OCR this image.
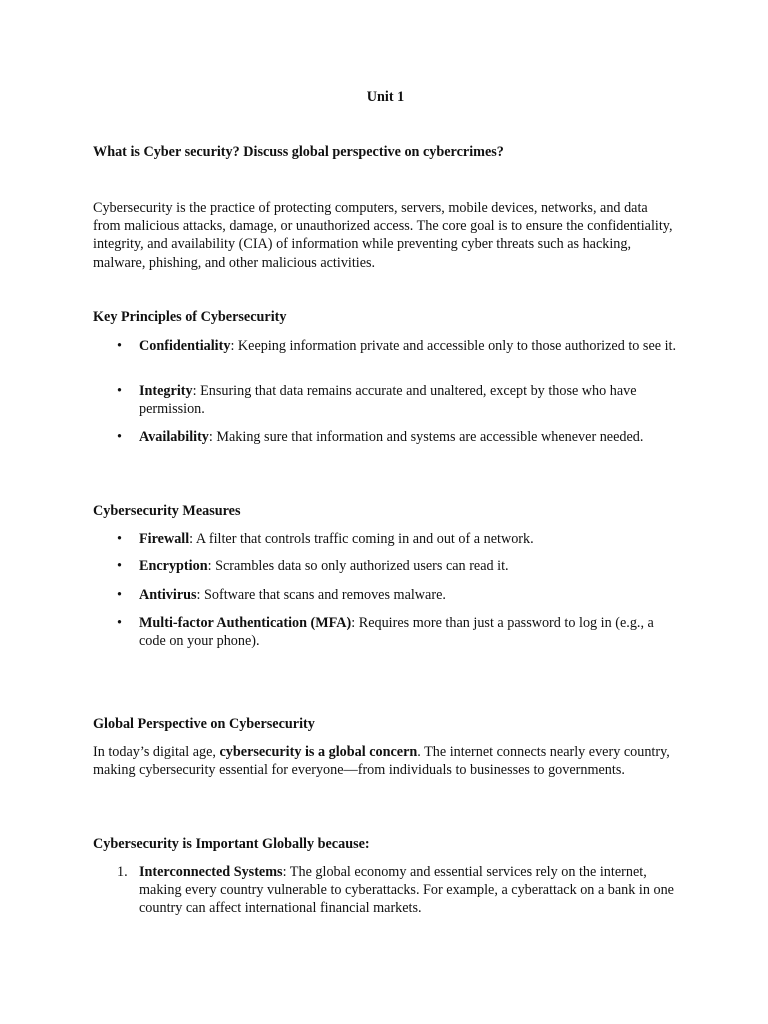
Unit 1

What is Cyber security? Discuss global perspective on cybercrimes?

Cybersecurity is the practice of protecting computers, servers, mobile devices, networks, and data from malicious attacks, damage, or unauthorized access. The core goal is to ensure the confidentiality, integrity, and availability (CIA) of information while preventing cyber threats such as hacking, malware, phishing, and other malicious activities.

Key Principles of Cybersecurity

•	Confidentiality: Keeping information private and accessible only to those authorized to see it.
•	Integrity: Ensuring that data remains accurate and unaltered, except by those who have permission.
•	Availability: Making sure that information and systems are accessible whenever needed.

Cybersecurity Measures

•	Firewall: A filter that controls traffic coming in and out of a network.
•	Encryption: Scrambles data so only authorized users can read it.
•	Antivirus: Software that scans and removes malware.
•	Multi-factor Authentication (MFA): Requires more than just a password to log in (e.g., a code on your phone).

Global Perspective on Cybersecurity

In today’s digital age, cybersecurity is a global concern. The internet connects nearly every country, making cybersecurity essential for everyone—from individuals to businesses to governments.

Cybersecurity is Important Globally because:

1. Interconnected Systems: The global economy and essential services rely on the internet, making every country vulnerable to cyberattacks. For example, a cyberattack on a bank in one country can affect international financial markets.
